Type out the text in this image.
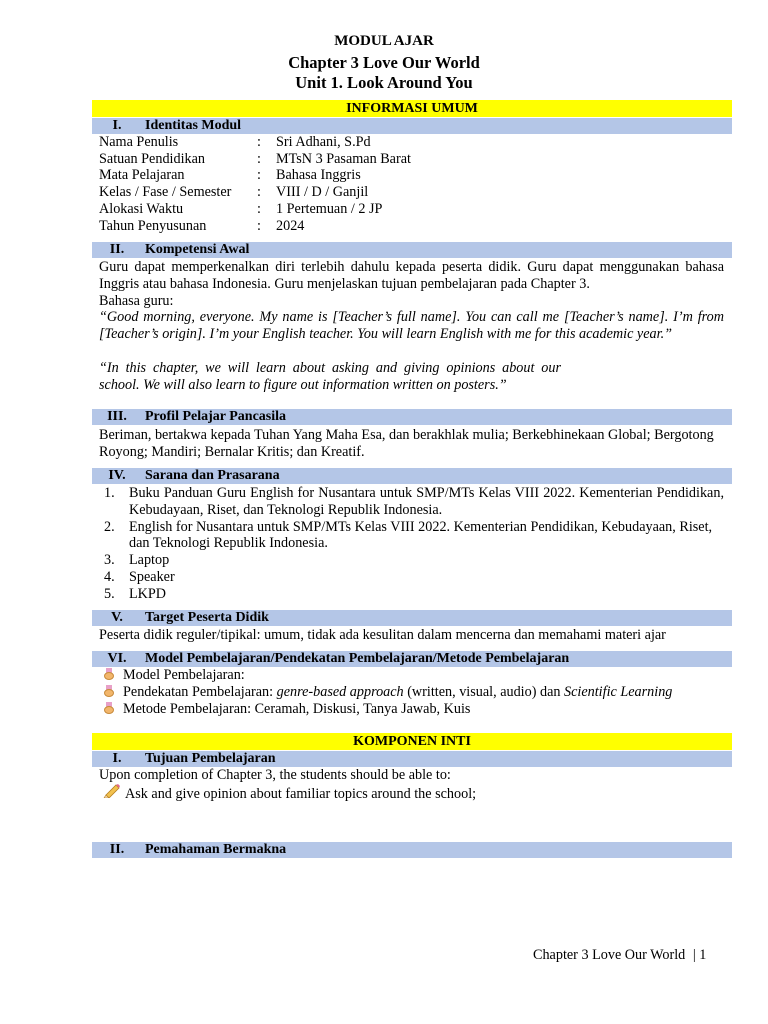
MODUL AJAR
Chapter 3 Love Our World
Unit 1. Look Around You
INFORMASI UMUM
I.	Identitas Modul
Nama Penulis	: Sri Adhani, S.Pd
Satuan Pendidikan	: MTsN 3 Pasaman Barat
Mata Pelajaran	: Bahasa Inggris
Kelas / Fase / Semester : VIII / D / Ganjil
Alokasi Waktu	: 1 Pertemuan / 2 JP
Tahun Penyusunan	: 2024
II.	Kompetensi Awal

Guru dapat memperkenalkan diri terlebih dahulu kepada peserta didik. Guru dapat menggunakan bahasa Inggris atau bahasa Indonesia. Guru menjelaskan tujuan pembelajaran pada Chapter 3.

Bahasa guru:

“Good morning, everyone. My name is [Teacher’s full name]. You can call me [Teacher’s name]. I’m from [Teacher’s origin]. I’m your English teacher. You will learn English with me for this academic year.”

“In this chapter, we will learn about asking and giving opinions about our school. We will also learn to figure out information written on posters.”
III.	Profil Pelajar Pancasila
Beriman, bertakwa kepada Tuhan Yang Maha Esa, dan berakhlak mulia; Berkebhinekaan Global; Bergotong Royong; Mandiri; Bernalar Kritis; dan Kreatif.
IV.	Sarana dan Prasarana
1. Buku Panduan Guru English for Nusantara untuk SMP/MTs Kelas VIII 2022. Kementerian Pendidikan, Kebudayaan, Riset, dan Teknologi Republik Indonesia.
2. English for Nusantara untuk SMP/MTs Kelas VIII 2022. Kementerian Pendidikan, Kebudayaan, Riset, dan Teknologi Republik Indonesia.
3. Laptop
4. Speaker
5. LKPD
V.	Target Peserta Didik
Peserta didik reguler/tipikal: umum, tidak ada kesulitan dalam mencerna dan memahami materi ajar
VI.	Model Pembelajaran/Pendekatan Pembelajaran/Metode Pembelajaran
Model Pembelajaran:
Pendekatan Pembelajaran: genre-based approach (written, visual, audio) dan Scientific Learning
Metode Pembelajaran: Ceramah, Diskusi, Tanya Jawab, Kuis
KOMPONEN INTI
I.	Tujuan Pembelajaran
Upon completion of Chapter 3, the students should be able to:
Ask and give opinion about familiar topics around the school;
II.	Pemahaman Bermakna
Chapter 3 Love Our World | 1
